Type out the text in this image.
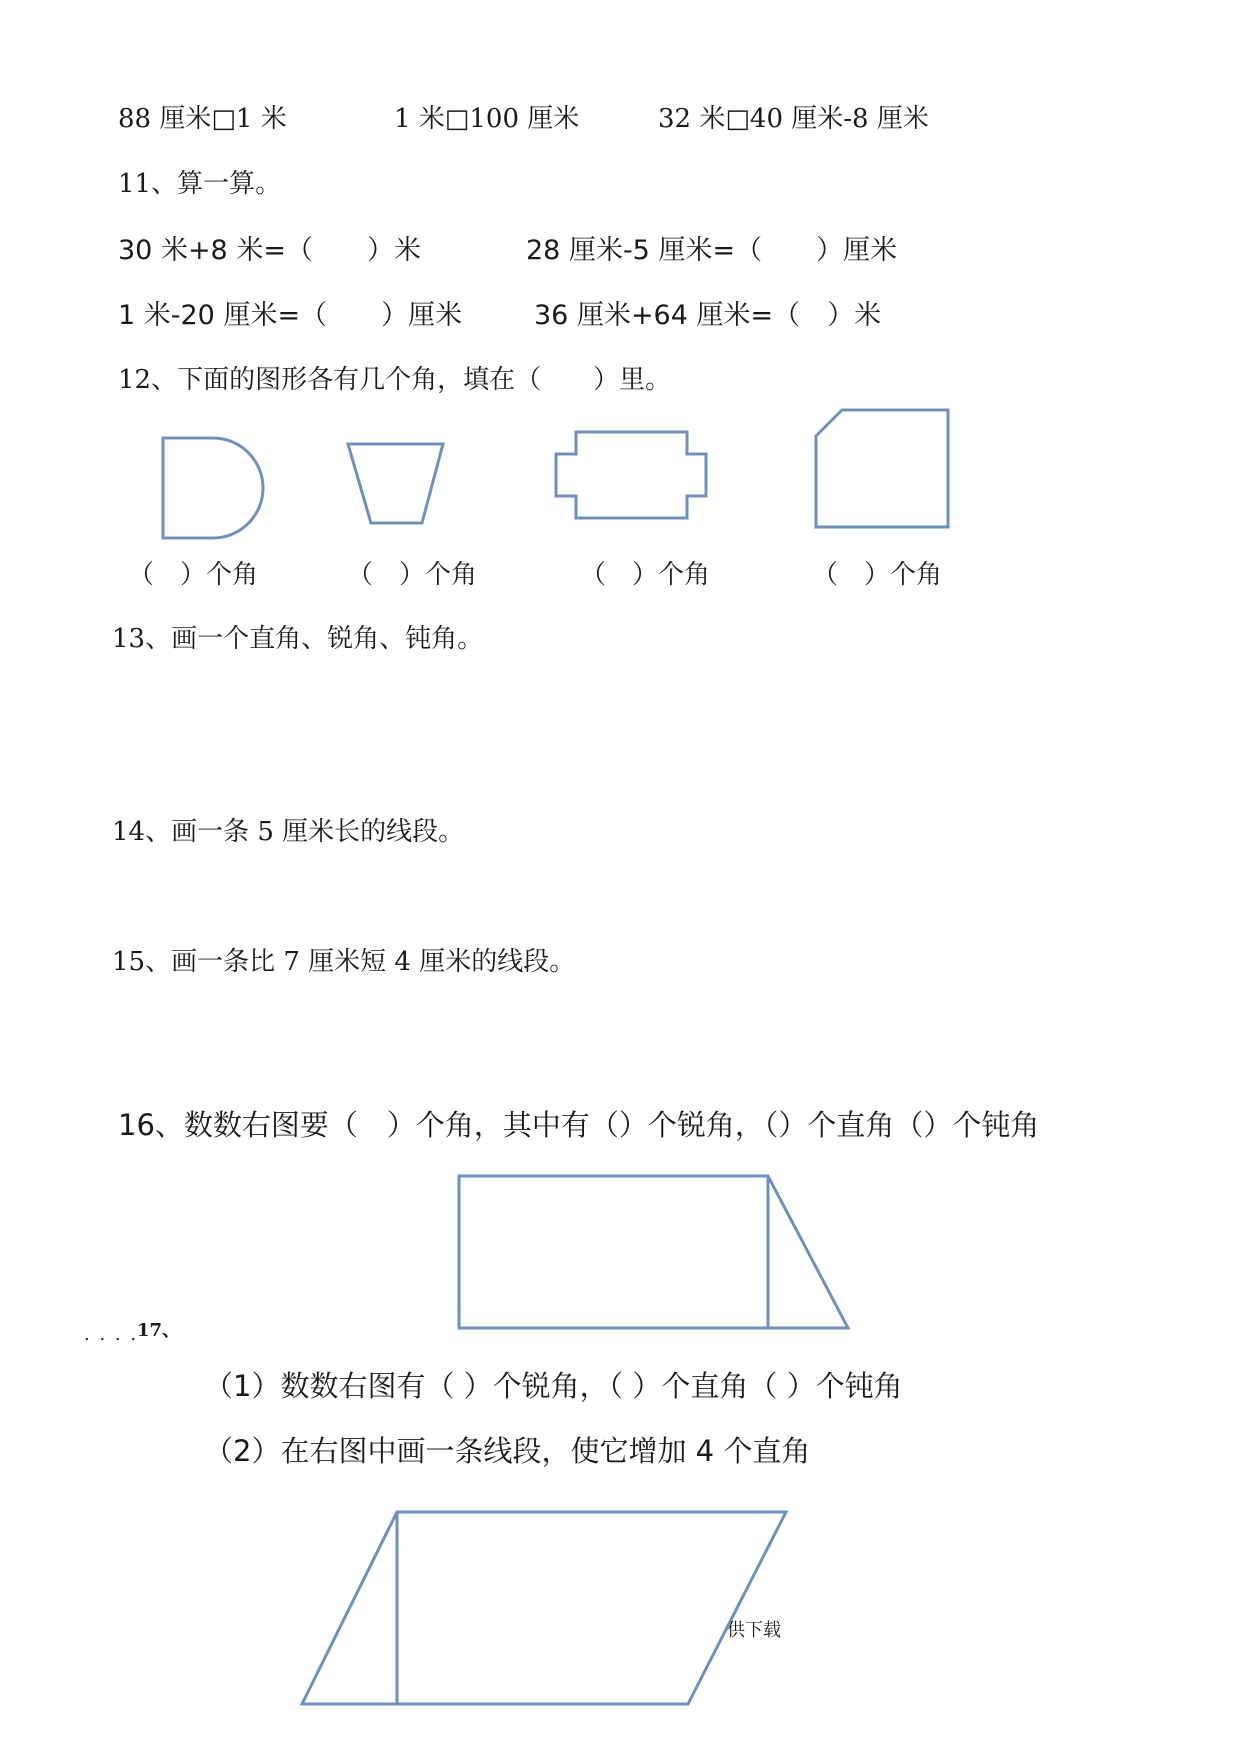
88 厘米□1 米	1 米□100 厘米	32 米□40 厘米-8 厘米
11、算一算。
30 米+8 米=（　　）米	28 厘米-5 厘米=（　　）厘米
1 米-20 厘米=（　　）厘米	36 厘米+64 厘米=（　）米
12、下面的图形各有几个角，填在（　　）里。
（　）个角	（　）个角	（　）个角	（　）个角
13、画一个直角、锐角、钝角。
14、画一条 5 厘米长的线段。
15、画一条比 7 厘米短 4 厘米的线段。
16、数数右图要（　）个角，其中有（）个锐角，（）个直角（）个钝角
. . . .
17、
（1）数数右图有（ ）个锐角，（ ）个直角（ ）个钝角
（2）在右图中画一条线段，使它增加 4 个直角
供下载
